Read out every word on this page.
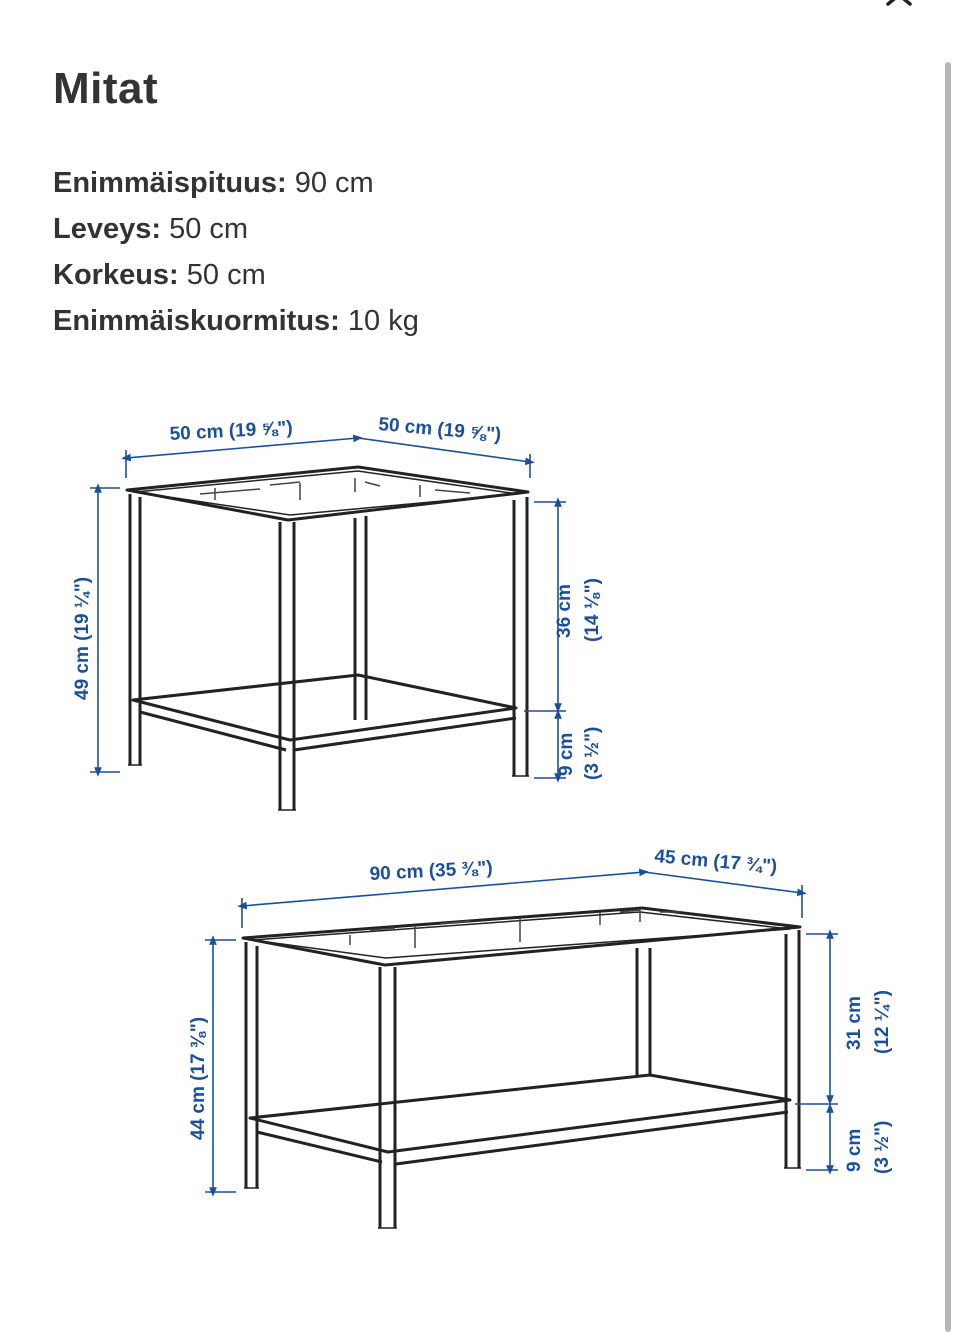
Mitat
Enimmäispituus: 90 cm
Leveys: 50 cm
Korkeus: 50 cm
Enimmäiskuormitus: 10 kg
50 cm (19 ⅝")	50 cm (19 ⅝")
49 cm (19 ¼")	36 cm (14 ⅛")
9 cm (3 ½")
90 cm (35 ⅜")	45 cm (17 ¾")
44 cm (17 ⅜")	31 cm (12 ¼")
9 cm (3 ½")
